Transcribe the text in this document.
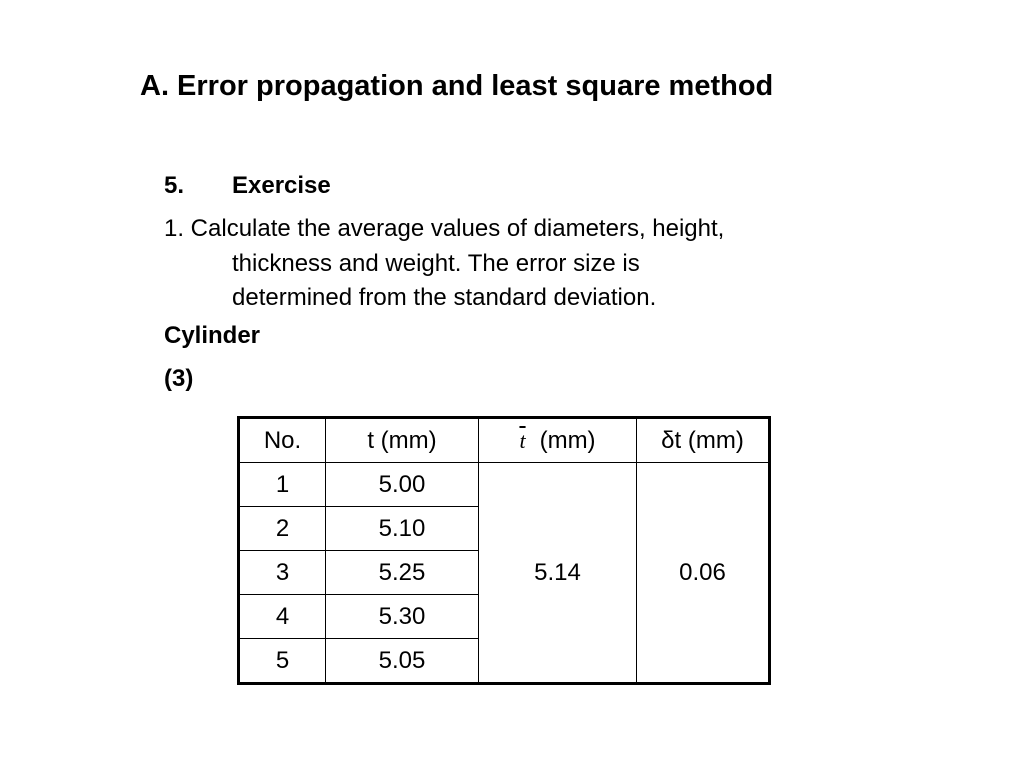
A. Error propagation and least square method
5. Exercise
1. Calculate the average values of diameters, height,
thickness and weight. The error size is
determined from the standard deviation.
Cylinder
(3)
No.	t (mm)	$\overline{t}$ (mm)	δt (mm)
1	5.00	5.14	0.06
2	5.10		
3	5.25		
4	5.30		
5	5.05		
